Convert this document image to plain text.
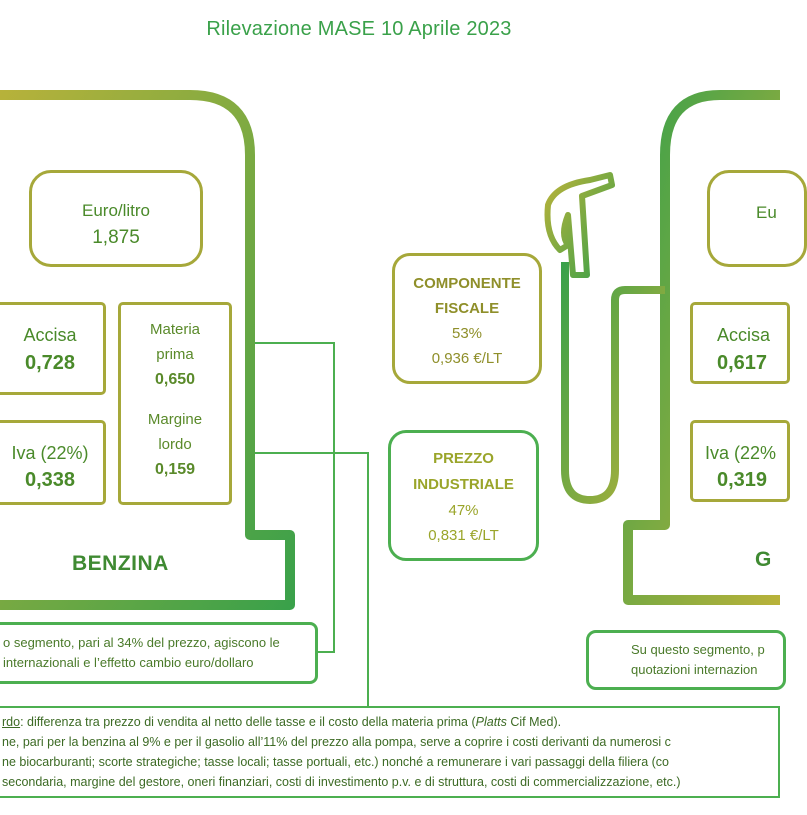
Rilevazione MASE 10 Aprile 2023
Euro/litro
1,875
Accisa
0,728
Iva (22%)
0,338
Materia
prima
0,650
Margine
lordo
0,159
BENZINA
o segmento, pari al 34% del prezzo, agiscono le
internazionali e l’effetto cambio euro/dollaro
COMPONENTE
FISCALE
53%
0,936 €/LT
PREZZO
INDUSTRIALE
47%
0,831 €/LT
Eu
Accisa
0,617
Iva (22%
0,319
G
Su questo segmento, p
quotazioni internazion
rdo: differenza tra prezzo di vendita al netto delle tasse e il costo della materia prima (Platts Cif Med).
ne, pari per la benzina al 9% e per il gasolio all’11% del prezzo alla pompa, serve a coprire i costi derivanti da numerosi c
ne biocarburanti; scorte strategiche; tasse locali; tasse portuali, etc.) nonché a remunerare i vari passaggi della filiera (co
secondaria, margine del gestore, oneri finanziari, costi di investimento p.v. e di struttura, costi di commercializzazione, etc.)
